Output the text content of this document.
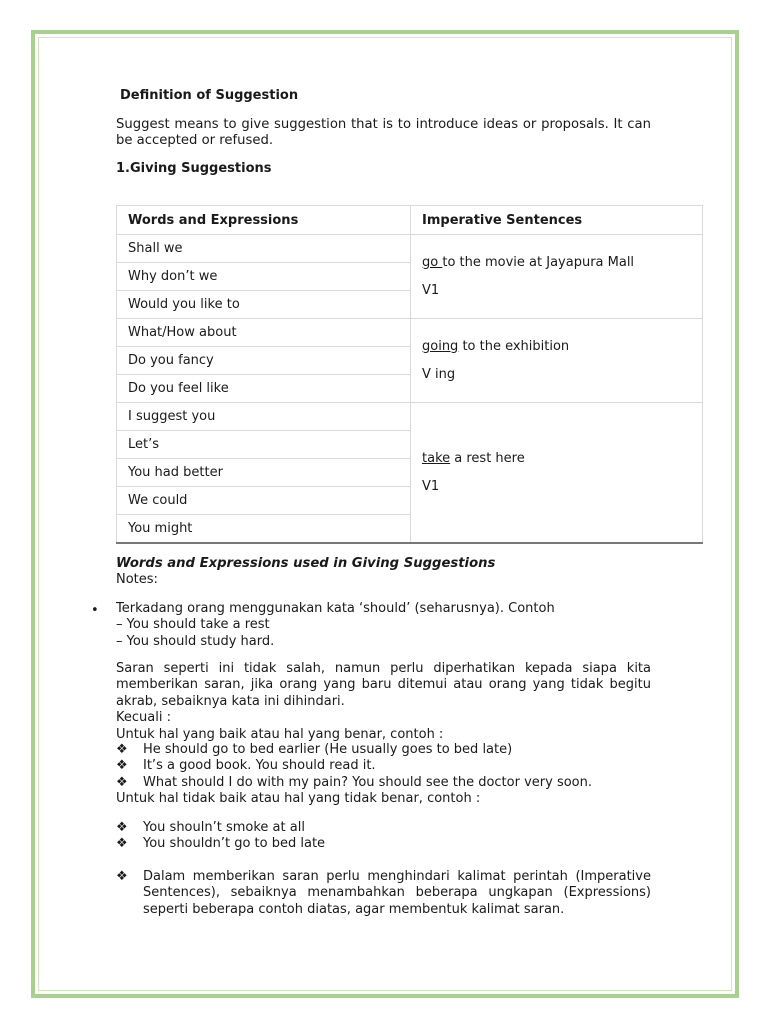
Definition of Suggestion

Suggest means to give suggestion that is to introduce ideas or proposals. It can be accepted or refused.

1.Giving Suggestions
Words and Expressions	Imperative Sentences
Shall we	go to the movie at Jayapura Mall
V1

Why don’t we	
Would you like to	
What/How about	going to the exhibition
V ing

Do you fancy	
Do you feel like	
I suggest you	take a rest here
V1

Let’s	
You had better	
We could	
You might	

Words and Expressions used in Giving Suggestions

Notes:

• Terkadang orang menggunakan kata ‘should’ (seharusnya). Contoh
– You should take a rest
– You should study hard.
Saran seperti ini tidak salah, namun perlu diperhatikan kepada siapa kita memberikan saran, jika orang yang baru ditemui atau orang yang tidak begitu akrab, sebaiknya kata ini dihindari.
Kecuali :
Untuk hal yang baik atau hal yang benar, contoh :
❖ He should go to bed earlier (He usually goes to bed late)
❖ It’s a good book. You should read it.
❖ What should I do with my pain? You should see the doctor very soon.
Untuk hal tidak baik atau hal yang tidak benar, contoh :
❖ You shouln’t smoke at all
❖ You shouldn’t go to bed late
❖ Dalam memberikan saran perlu menghindari kalimat perintah (Imperative Sentences), sebaiknya menambahkan beberapa ungkapan (Expressions) seperti beberapa contoh diatas, agar membentuk kalimat saran.
